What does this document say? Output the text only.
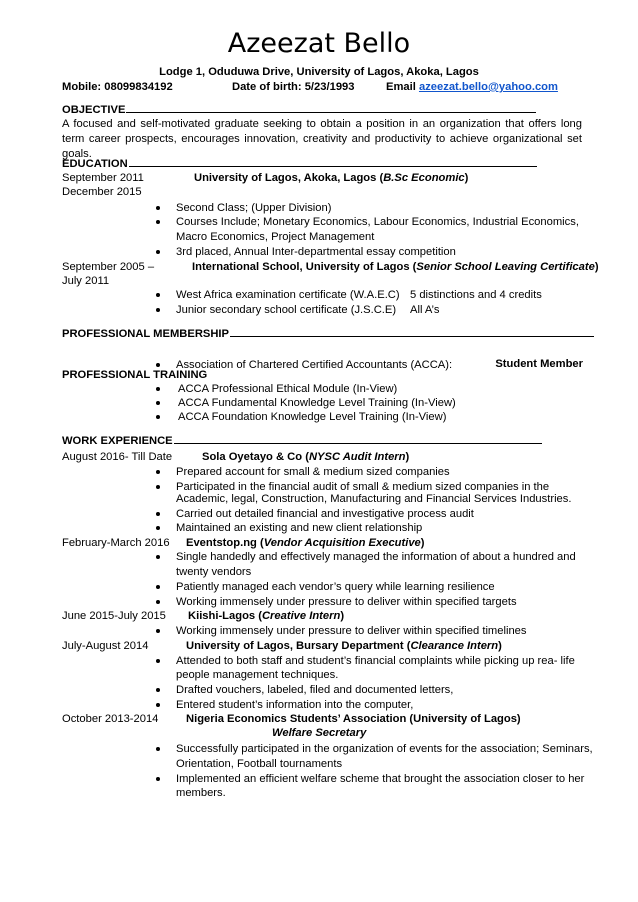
Azeezat Bello
Lodge 1, Oduduwa Drive, University of Lagos, Akoka, Lagos
Mobile: 08099834192	Date of birth: 5/23/1993	Email azeezat.bello@yahoo.com
OBJECTIVE

A focused and self-motivated graduate seeking to obtain a position in an organization that offers long term career prospects, encourages innovation, creativity and productivity to achieve organizational set goals.

EDUCATION
September 2011
December 2015
University of Lagos, Akoka, Lagos (B.Sc Economic)
Second Class; (Upper Division)
Courses Include; Monetary Economics, Labour Economics, Industrial Economics,
Macro Economics, Project Management
3rd placed, Annual Inter-departmental essay competition
September 2005 –
July 2011
International School, University of Lagos (Senior School Leaving Certificate)
West Africa examination certificate (W.A.E.C) 5 distinctions and 4 credits
Junior secondary school certificate (J.S.C.E) All A’s
PROFESSIONAL MEMBERSHIP
Association of Chartered Certified Accountants (ACCA):	Student Member
PROFESSIONAL TRAINING
ACCA Professional Ethical Module (In-View)
ACCA Fundamental Knowledge Level Training (In-View)
ACCA Foundation Knowledge Level Training (In-View)
WORK EXPERIENCE
August 2016- Till Date	Sola Oyetayo & Co (NYSC Audit Intern)
Prepared account for small & medium sized companies
Participated in the financial audit of small & medium sized companies in the
Academic, legal, Construction, Manufacturing and Financial Services Industries.
Carried out detailed financial and investigative process audit
Maintained an existing and new client relationship
February-March 2016 Eventstop.ng (Vendor Acquisition Executive)
Single handedly and effectively managed the information of about a hundred and
twenty vendors
Patiently managed each vendor’s query while learning resilience
Working immensely under pressure to deliver within specified targets
June 2015-July 2015 Kiishi-Lagos (Creative Intern)
Working immensely under pressure to deliver within specified timelines
July-August 2014	University of Lagos, Bursary Department (Clearance Intern)
Attended to both staff and student’s financial complaints while picking up rea- life
people management techniques.
Drafted vouchers, labeled, filed and documented letters,
Entered student’s information into the computer,
October 2013-2014 Nigeria Economics Students’ Association (University of Lagos)
Welfare Secretary
Successfully participated in the organization of events for the association; Seminars,
Orientation, Football tournaments
Implemented an efficient welfare scheme that brought the association closer to her
members.
